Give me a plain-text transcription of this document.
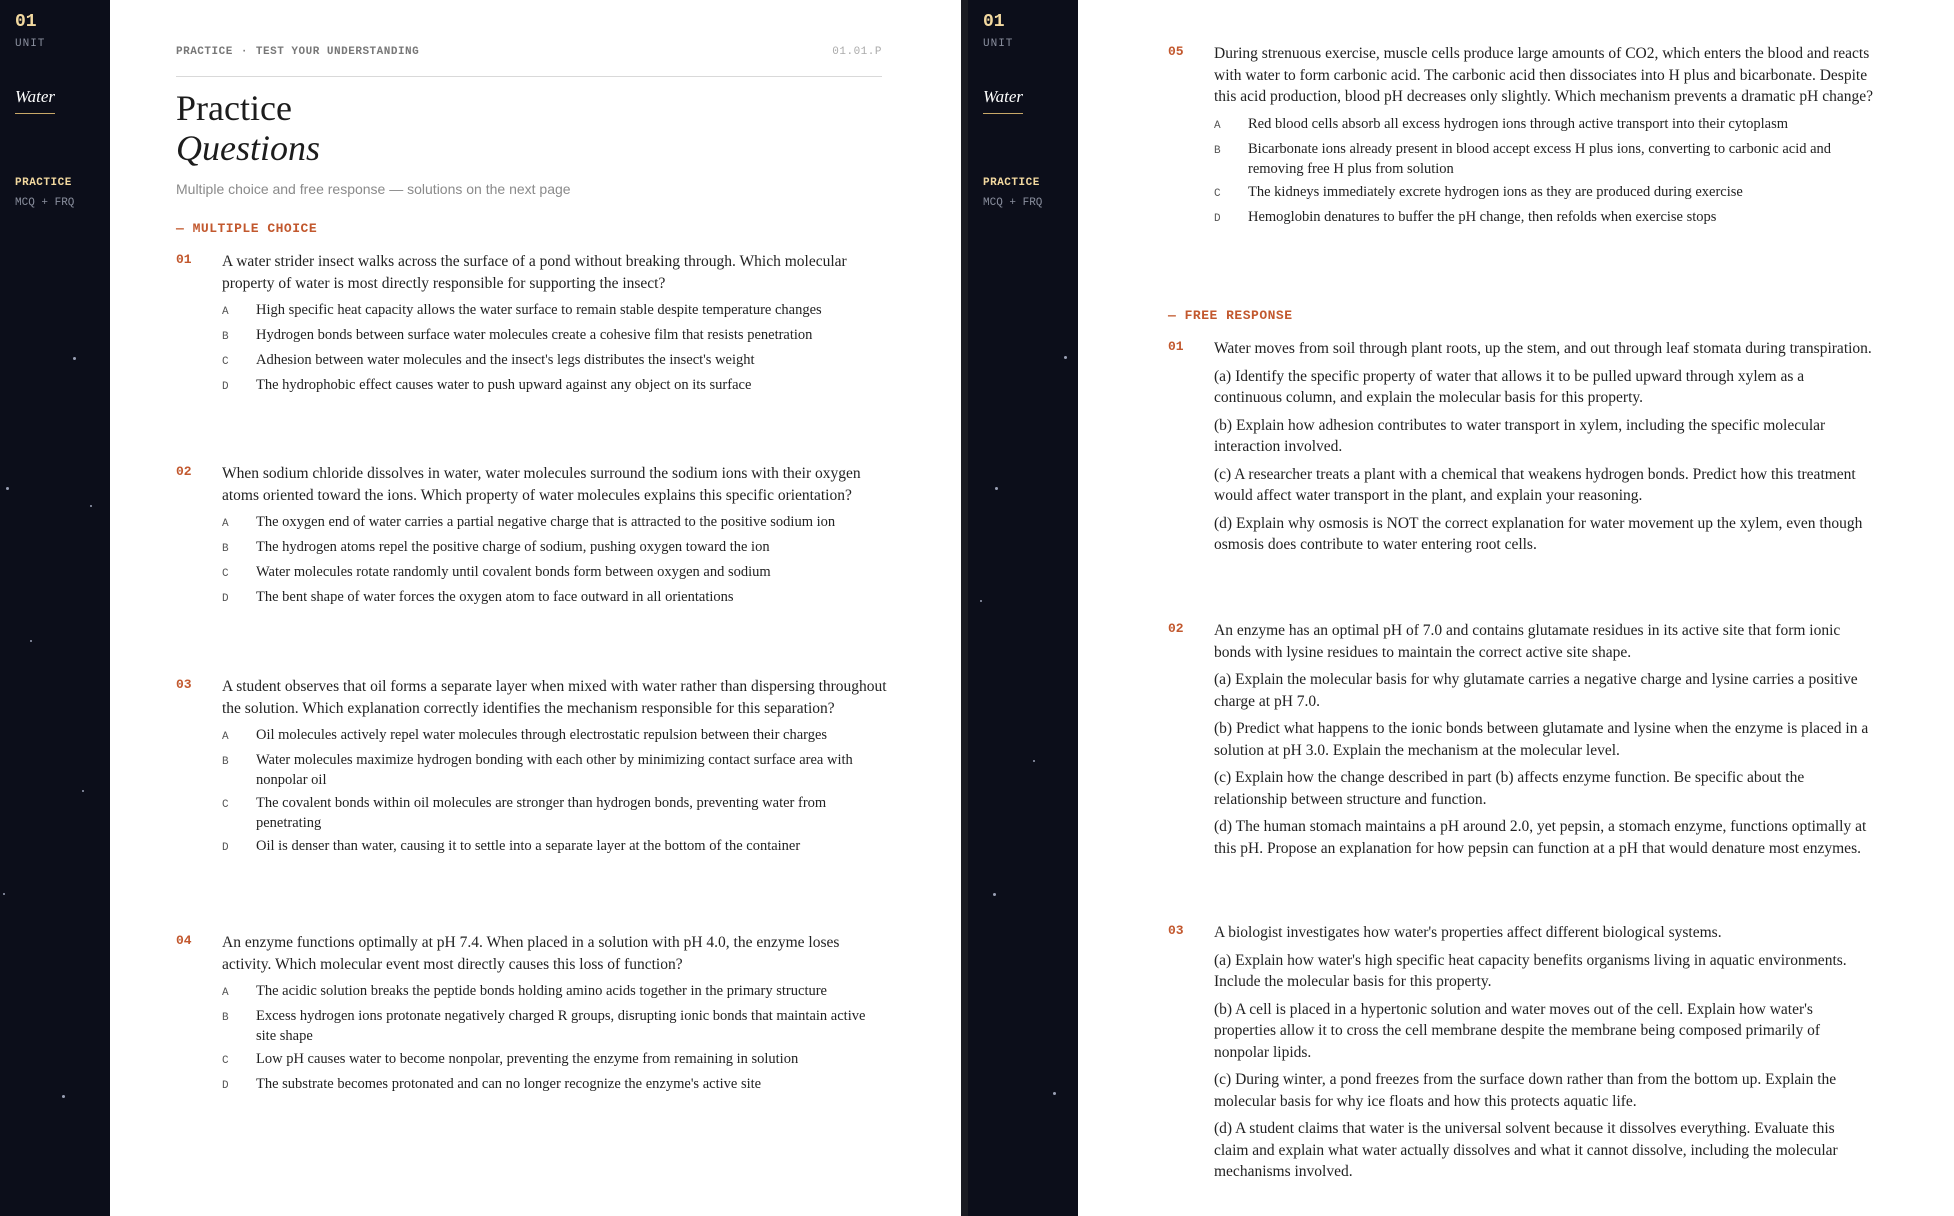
01
UNIT
Water
PRACTICE
MCQ + FRQ
PRACTICE · TEST YOUR UNDERSTANDING	01.01.P
Practice
Questions
Multiple choice and free response — solutions on the next page
— MULTIPLE CHOICE
01 A water strider insect walks across the surface of a pond without breaking through. Which molecular property of water is most directly responsible for supporting the insect?
A	High specific heat capacity allows the water surface to remain stable despite temperature changes
B	Hydrogen bonds between surface water molecules create a cohesive film that resists penetration
C	Adhesion between water molecules and the insect's legs distributes the insect's weight
D	The hydrophobic effect causes water to push upward against any object on its surface
02 When sodium chloride dissolves in water, water molecules surround the sodium ions with their oxygen atoms oriented toward the ions. Which property of water molecules explains this specific orientation?
A	The oxygen end of water carries a partial negative charge that is attracted to the positive sodium ion
B	The hydrogen atoms repel the positive charge of sodium, pushing oxygen toward the ion
C	Water molecules rotate randomly until covalent bonds form between oxygen and sodium
D	The bent shape of water forces the oxygen atom to face outward in all orientations
03 A student observes that oil forms a separate layer when mixed with water rather than dispersing throughout the solution. Which explanation correctly identifies the mechanism responsible for this separation?
A	Oil molecules actively repel water molecules through electrostatic repulsion between their charges
B	Water molecules maximize hydrogen bonding with each other by minimizing contact surface area with nonpolar oil
C	The covalent bonds within oil molecules are stronger than hydrogen bonds, preventing water from penetrating
D	Oil is denser than water, causing it to settle into a separate layer at the bottom of the container
04 An enzyme functions optimally at pH 7.4. When placed in a solution with pH 4.0, the enzyme loses activity. Which molecular event most directly causes this loss of function?
A	The acidic solution breaks the peptide bonds holding amino acids together in the primary structure
B	Excess hydrogen ions protonate negatively charged R groups, disrupting ionic bonds that maintain active site shape
C	Low pH causes water to become nonpolar, preventing the enzyme from remaining in solution
D	The substrate becomes protonated and can no longer recognize the enzyme's active site
01
UNIT
Water
PRACTICE
MCQ + FRQ
05 During strenuous exercise, muscle cells produce large amounts of CO2, which enters the blood and reacts with water to form carbonic acid. The carbonic acid then dissociates into H plus and bicarbonate. Despite this acid production, blood pH decreases only slightly. Which mechanism prevents a dramatic pH change?
A	Red blood cells absorb all excess hydrogen ions through active transport into their cytoplasm
B	Bicarbonate ions already present in blood accept excess H plus ions, converting to carbonic acid and removing free H plus from solution
C	The kidneys immediately excrete hydrogen ions as they are produced during exercise
D	Hemoglobin denatures to buffer the pH change, then refolds when exercise stops
— FREE RESPONSE
01 Water moves from soil through plant roots, up the stem, and out through leaf stomata during transpiration.
(a) Identify the specific property of water that allows it to be pulled upward through xylem as a continuous column, and explain the molecular basis for this property.
(b) Explain how adhesion contributes to water transport in xylem, including the specific molecular interaction involved.
(c) A researcher treats a plant with a chemical that weakens hydrogen bonds. Predict how this treatment would affect water transport in the plant, and explain your reasoning.
(d) Explain why osmosis is NOT the correct explanation for water movement up the xylem, even though osmosis does contribute to water entering root cells.
02 An enzyme has an optimal pH of 7.0 and contains glutamate residues in its active site that form ionic bonds with lysine residues to maintain the correct active site shape.
(a) Explain the molecular basis for why glutamate carries a negative charge and lysine carries a positive charge at pH 7.0.
(b) Predict what happens to the ionic bonds between glutamate and lysine when the enzyme is placed in a solution at pH 3.0. Explain the mechanism at the molecular level.
(c) Explain how the change described in part (b) affects enzyme function. Be specific about the relationship between structure and function.
(d) The human stomach maintains a pH around 2.0, yet pepsin, a stomach enzyme, functions optimally at this pH. Propose an explanation for how pepsin can function at a pH that would denature most enzymes.
03 A biologist investigates how water's properties affect different biological systems.
(a) Explain how water's high specific heat capacity benefits organisms living in aquatic environments. Include the molecular basis for this property.
(b) A cell is placed in a hypertonic solution and water moves out of the cell. Explain how water's properties allow it to cross the cell membrane despite the membrane being composed primarily of nonpolar lipids.
(c) During winter, a pond freezes from the surface down rather than from the bottom up. Explain the molecular basis for why ice floats and how this protects aquatic life.
(d) A student claims that water is the universal solvent because it dissolves everything. Evaluate this claim and explain what water actually dissolves and what it cannot dissolve, including the molecular mechanisms involved.
